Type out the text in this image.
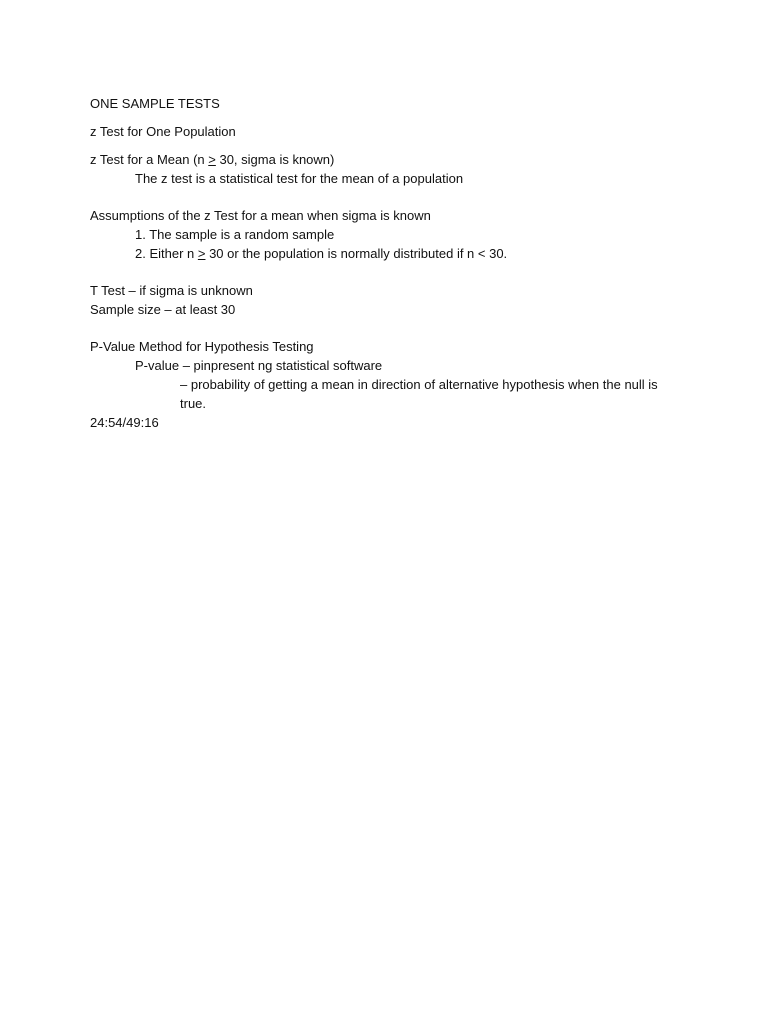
ONE SAMPLE TESTS

z Test for One Population

z Test for a Mean (n ≥ 30, sigma is known)

The z test is a statistical test for the mean of a population

Assumptions of the z Test for a mean when sigma is known

1. The sample is a random sample

2. Either n ≥ 30 or the population is normally distributed if n < 30.

T Test – if sigma is unknown

Sample size – at least 30

P-Value Method for Hypothesis Testing

P-value – pinpresent ng statistical software

– probability of getting a mean in direction of alternative hypothesis when the null is true.

24:54/49:16
